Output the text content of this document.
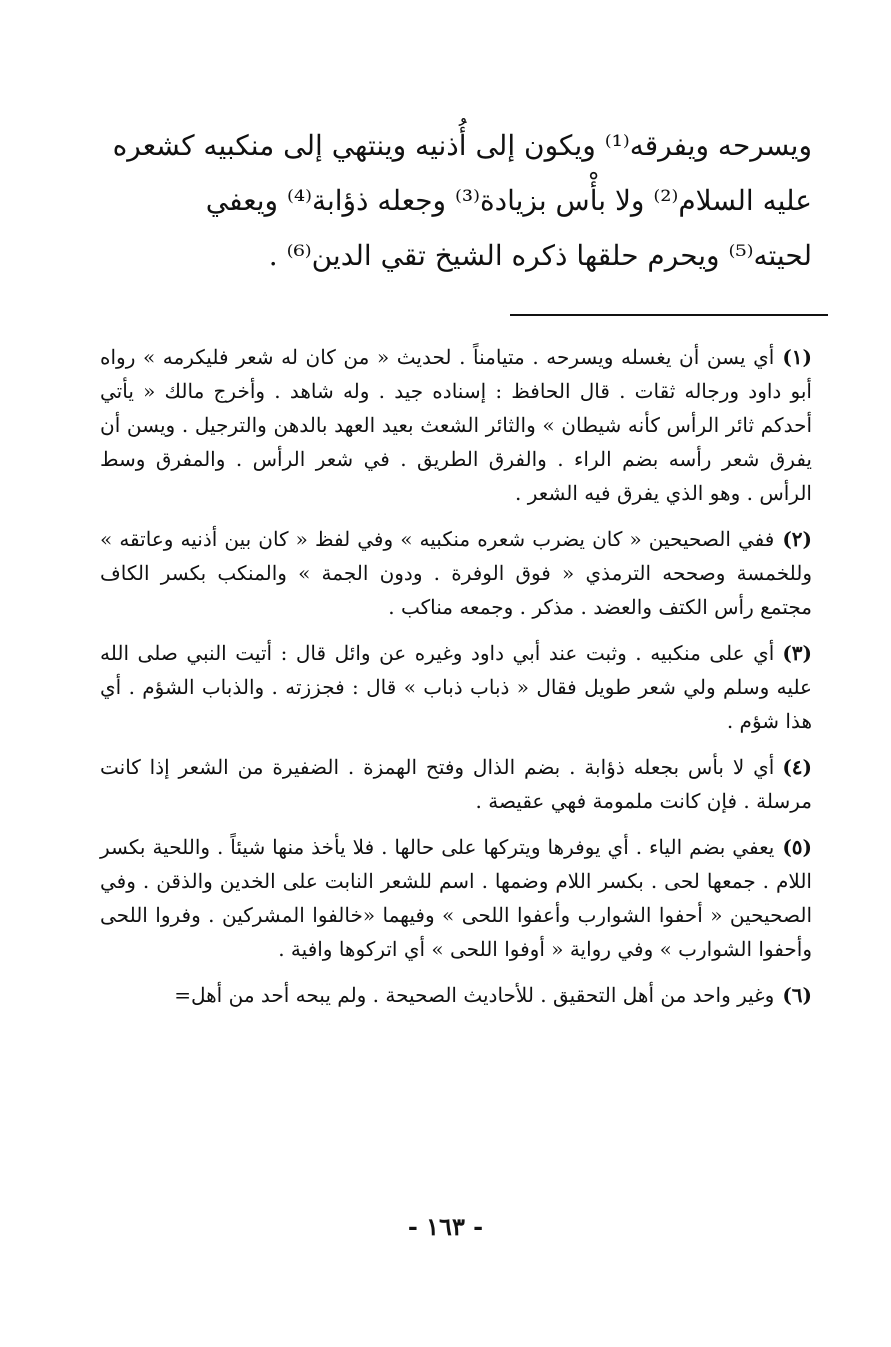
ويسرحه ويفرقه⁽¹⁾ ويكون إلى أُذنيه وينتهي إلى منكبيه كشعره

عليه السلام⁽²⁾ ولا بأْس بزيادة⁽³⁾ وجعله ذؤابة⁽⁴⁾ ويعفي

لحيته⁽⁵⁾ ويحرم حلقها ذكره الشيخ تقي الدين⁽⁶⁾ .

(١)أي يسن أن يغسله ويسرحه . متيامناً . لحديث « من كان له شعر فليكرمه » رواه أبو داود ورجاله ثقات . قال الحافظ : إسناده جيد . وله شاهد . وأخرج مالك « يأتي أحدكم ثائر الرأس كأنه شيطان » والثائر الشعث بعيد العهد بالدهن والترجيل . ويسن أن يفرق شعر رأسه بضم الراء . والفرق الطريق . في شعر الرأس . والمفرق وسط الرأس . وهو الذي يفرق فيه الشعر .

(٢)ففي الصحيحين « كان يضرب شعره منكبيه » وفي لفظ « كان بين أذنيه وعاتقه » وللخمسة وصححه الترمذي « فوق الوفرة . ودون الجمة » والمنكب بكسر الكاف مجتمع رأس الكتف والعضد . مذكر . وجمعه مناكب .

(٣)أي على منكبيه . وثبت عند أبي داود وغيره عن وائل قال : أتيت النبي صلى الله عليه وسلم ولي شعر طويل فقال « ذباب ذباب » قال : فجززته . والذباب الشؤم . أي هذا شؤم .

(٤)أي لا بأس بجعله ذؤابة . بضم الذال وفتح الهمزة . الضفيرة من الشعر إذا كانت مرسلة . فإن كانت ملمومة فهي عقيصة .

(٥)يعفي بضم الياء . أي يوفرها ويتركها على حالها . فلا يأخذ منها شيئاً . واللحية بكسر اللام . جمعها لحى . بكسر اللام وضمها . اسم للشعر النابت على الخدين والذقن . وفي الصحيحين « أحفوا الشوارب وأعفوا اللحى » وفيهما «خالفوا المشركين . وفروا اللحى وأحفوا الشوارب » وفي رواية « أوفوا اللحى » أي اتركوها وافية .

(٦)وغير واحد من أهل التحقيق . للأحاديث الصحيحة . ولم يبحه أحد من أهل=

- ١٦٣ -
